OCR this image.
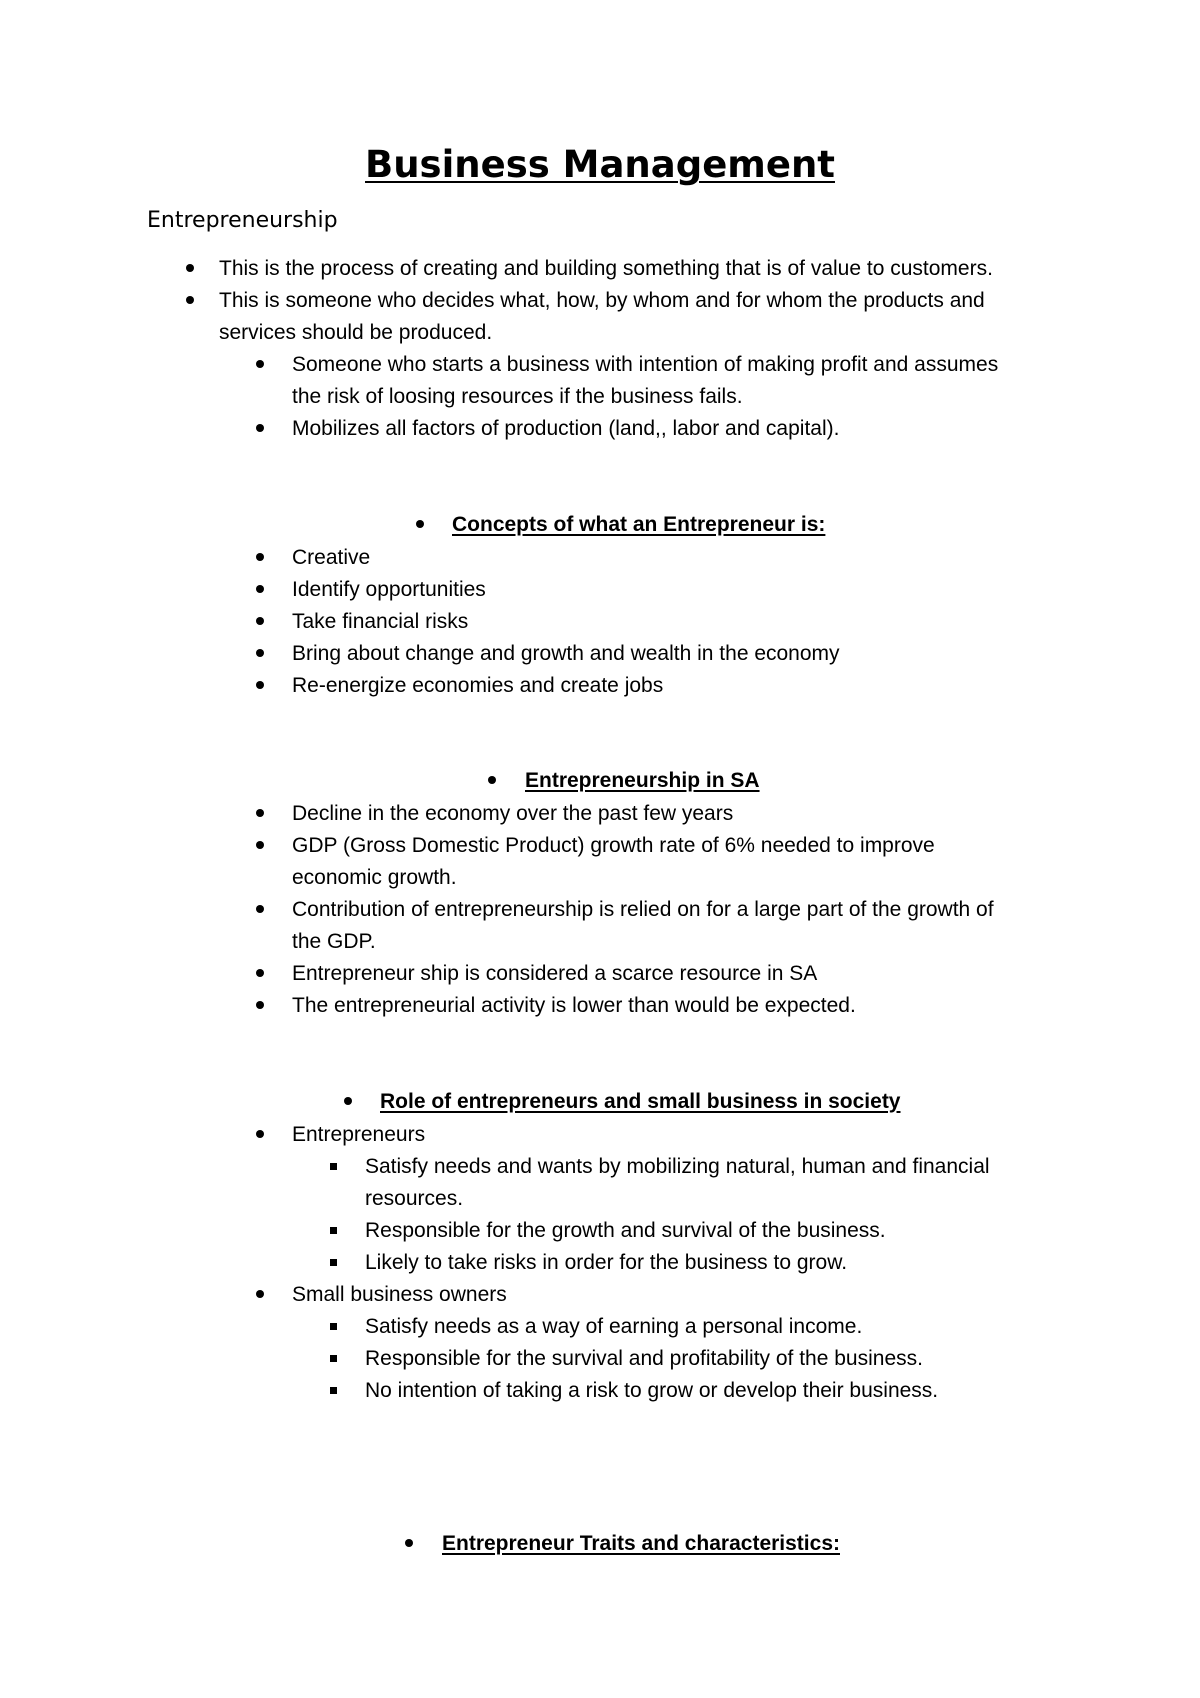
Business Management
Entrepreneurship
This is the process of creating and building something that is of value to customers.
This is someone who decides what, how, by whom and for whom the products and
services should be produced.
Someone who starts a business with intention of making profit and assumes
the risk of loosing resources if the business fails.
Mobilizes all factors of production (land,, labor and capital).
Concepts of what an Entrepreneur is:
Creative
Identify opportunities
Take financial risks
Bring about change and growth and wealth in the economy
Re-energize economies and create jobs
Entrepreneurship in SA
Decline in the economy over the past few years
GDP (Gross Domestic Product) growth rate of 6% needed to improve
economic growth.
Contribution of entrepreneurship is relied on for a large part of the growth of
the GDP.
Entrepreneur ship is considered a scarce resource in SA
The entrepreneurial activity is lower than would be expected.
Role of entrepreneurs and small business in society
Entrepreneurs
Satisfy needs and wants by mobilizing natural, human and financial
resources.
Responsible for the growth and survival of the business.
Likely to take risks in order for the business to grow.
Small business owners
Satisfy needs as a way of earning a personal income.
Responsible for the survival and profitability of the business.
No intention of taking a risk to grow or develop their business.
Entrepreneur Traits and characteristics:
